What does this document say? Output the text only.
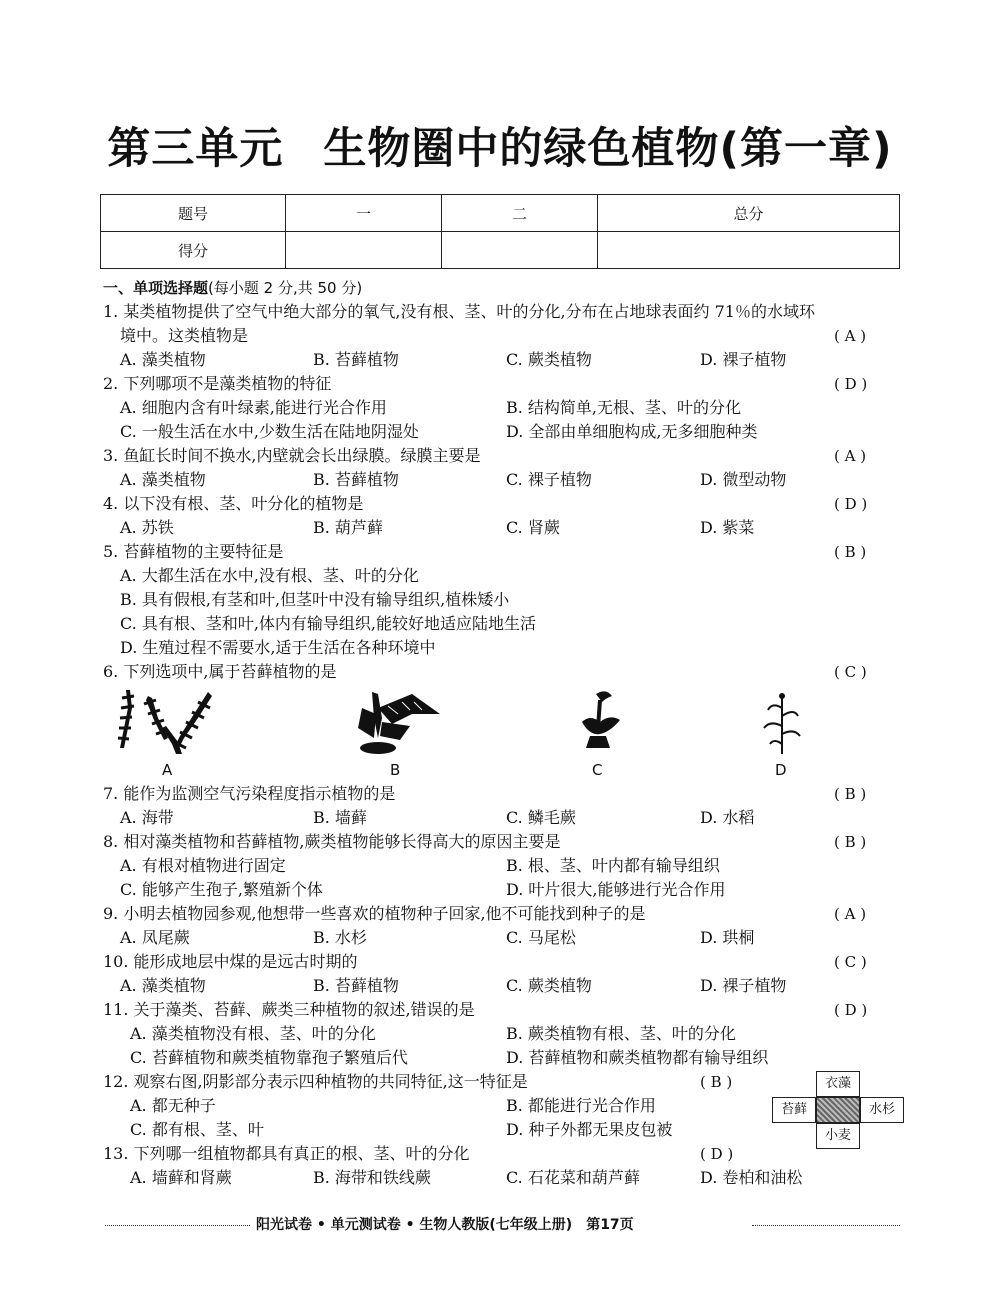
第三单元 生物圈中的绿色植物(第一章)
题号	一	二	总分
得分			
一、单项选择题(每小题 2 分,共 50 分)
1. 某类植物提供了空气中绝大部分的氧气,没有根、茎、叶的分化,分布在占地球表面约 71％的水域环
境中。这类植物是	( A )
A. 藻类植物	B. 苔藓植物	C. 蕨类植物	D. 裸子植物
2. 下列哪项不是藻类植物的特征	( D )
A. 细胞内含有叶绿素,能进行光合作用	B. 结构简单,无根、茎、叶的分化
C. 一般生活在水中,少数生活在陆地阴湿处	D. 全部由单细胞构成,无多细胞种类
3. 鱼缸长时间不换水,内壁就会长出绿膜。绿膜主要是	( A )
A. 藻类植物	B. 苔藓植物	C. 裸子植物	D. 微型动物
4. 以下没有根、茎、叶分化的植物是	( D )
A. 苏铁	B. 葫芦藓	C. 肾蕨	D. 紫菜
5. 苔藓植物的主要特征是	( B )
A. 大都生活在水中,没有根、茎、叶的分化
B. 具有假根,有茎和叶,但茎叶中没有输导组织,植株矮小
C. 具有根、茎和叶,体内有输导组织,能较好地适应陆地生活
D. 生殖过程不需要水,适于生活在各种环境中
6. 下列选项中,属于苔藓植物的是	( C )
A	B	C	D
7. 能作为监测空气污染程度指示植物的是	( B )
A. 海带	B. 墙藓	C. 鳞毛蕨	D. 水稻
8. 相对藻类植物和苔藓植物,蕨类植物能够长得高大的原因主要是	( B )
A. 有根对植物进行固定	B. 根、茎、叶内都有输导组织
C. 能够产生孢子,繁殖新个体	D. 叶片很大,能够进行光合作用
9. 小明去植物园参观,他想带一些喜欢的植物种子回家,他不可能找到种子的是	( A )
A. 凤尾蕨	B. 水杉	C. 马尾松	D. 珙桐
10. 能形成地层中煤的是远古时期的	( C )
A. 藻类植物	B. 苔藓植物	C. 蕨类植物	D. 裸子植物
11. 关于藻类、苔藓、蕨类三种植物的叙述,错误的是	( D )
A. 藻类植物没有根、茎、叶的分化	B. 蕨类植物有根、茎、叶的分化
C. 苔藓植物和蕨类植物靠孢子繁殖后代	D. 苔藓植物和蕨类植物都有输导组织
12. 观察右图,阴影部分表示四种植物的共同特征,这一特征是	( B )
A. 都无种子	B. 都能进行光合作用
C. 都有根、茎、叶	D. 种子外都无果皮包被
衣藻
苔藓	水杉
小麦
13. 下列哪一组植物都具有真正的根、茎、叶的分化	( D )
A. 墙藓和肾蕨	B. 海带和铁线蕨	C. 石花菜和葫芦藓	D. 卷柏和油松
阳光试卷 • 单元测试卷 • 生物人教版(七年级上册)　第17页
